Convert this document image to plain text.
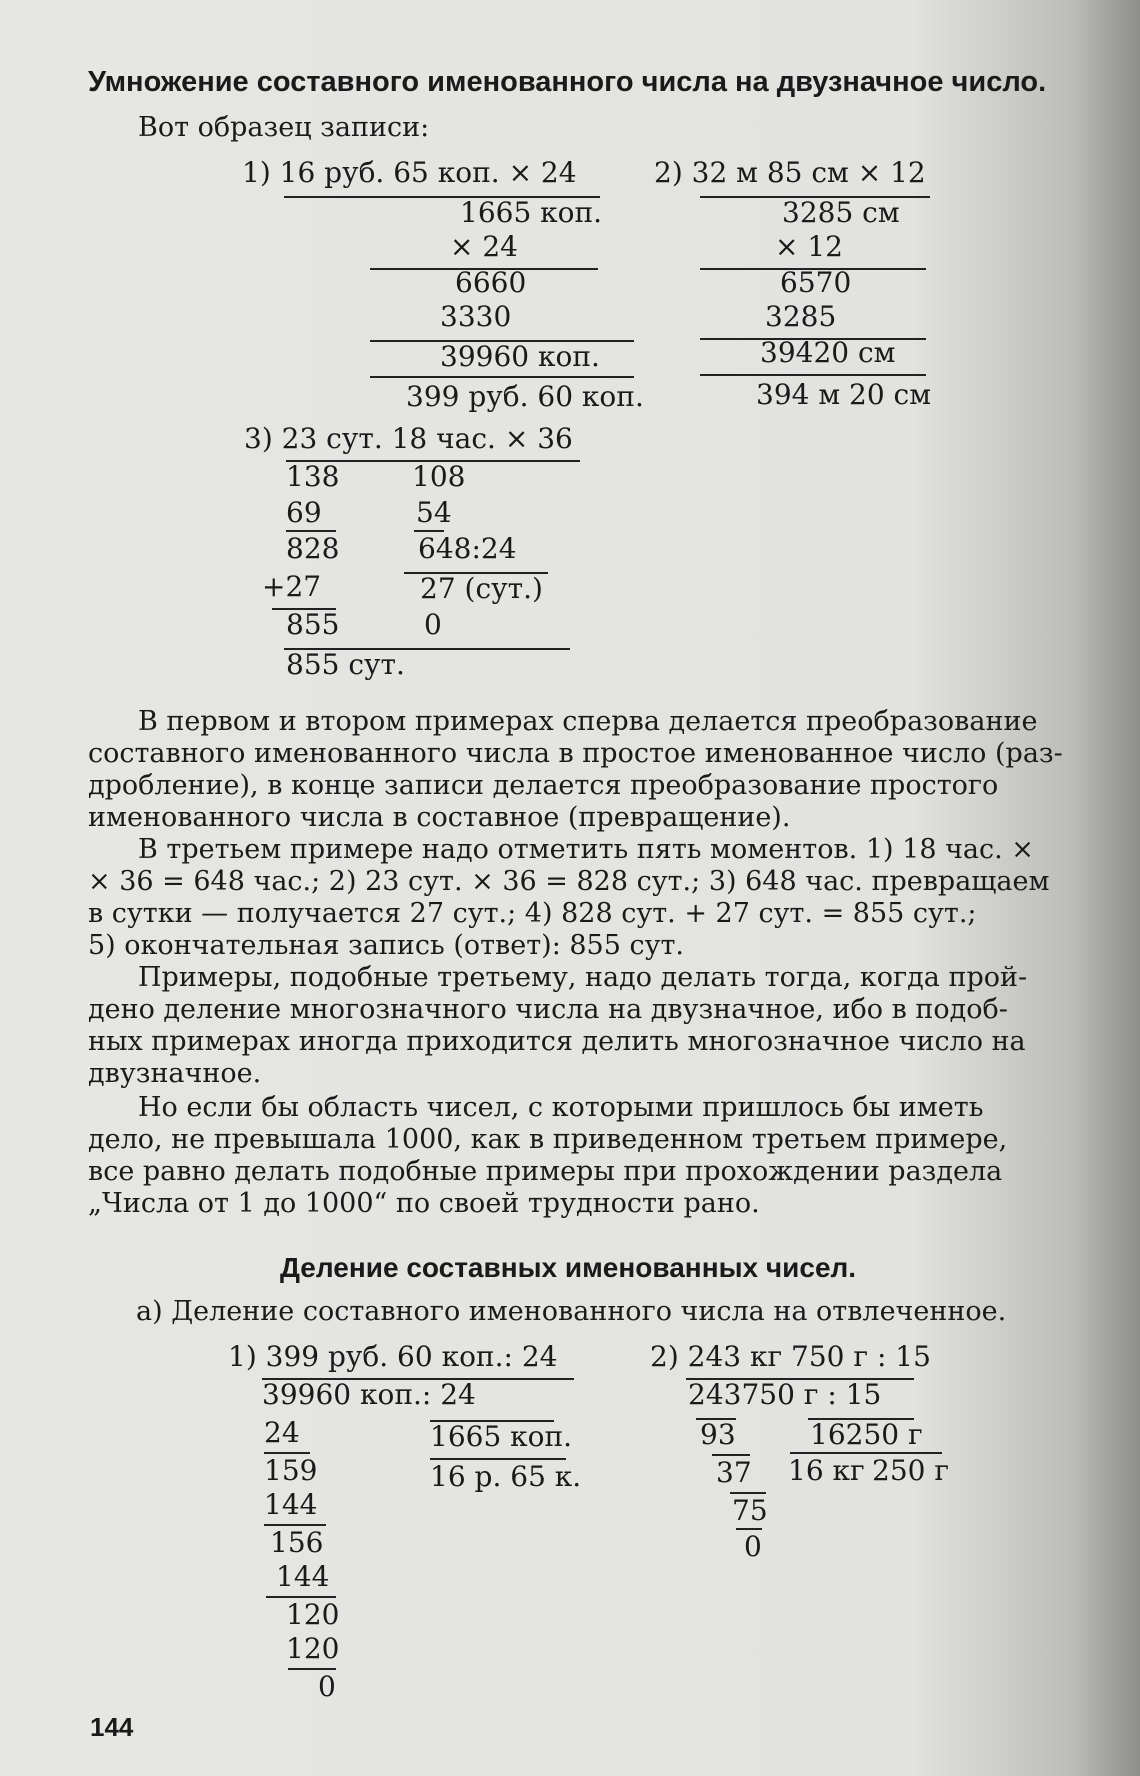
Умножение составного именованного числа на двузначное число.
Вот образец записи:
1) 16 руб. 65 коп. × 24
1665 коп.
× 24
6660
3330
39960 коп.
399 руб. 60 коп.
2) 32 м 85 см × 12
3285 см
× 12
6570
3285
39420 см
394 м 20 см
3) 23 сут. 18 час. × 36
138
69
828
+27
855
855 сут.
108
54
648:24
27 (сут.)
0
В первом и втором примерах сперва делается преобразование
составного именованного числа в простое именованное число (раз-
дробление), в конце записи делается преобразование простого
именованного числа в составное (превращение).
В третьем примере надо отметить пять моментов. 1) 18 час. ×
× 36 = 648 час.; 2) 23 сут. × 36 = 828 сут.; 3) 648 час. превращаем
в сутки — получается 27 сут.; 4) 828 сут. + 27 сут. = 855 сут.;
5) окончательная запись (ответ): 855 сут.
Примеры, подобные третьему, надо делать тогда, когда прой-
дено деление многозначного числа на двузначное, ибо в подоб-
ных примерах иногда приходится делить многозначное число на
двузначное.
Но если бы область чисел, с которыми пришлось бы иметь
дело, не превышала 1000, как в приведенном третьем примере,
все равно делать подобные примеры при прохождении раздела
„Числа от 1 до 1000“ по своей трудности рано.
Деление составных именованных чисел.
а) Деление составного именованного числа на отвлеченное.
1) 399 руб. 60 коп.: 24
39960 коп.: 24
24
159
144
156
144
120
120
0
1665 коп.
16 р. 65 к.
2) 243 кг 750 г : 15
243750 г : 15
93
37
75
0
16250 г
16 кг 250 г
144
